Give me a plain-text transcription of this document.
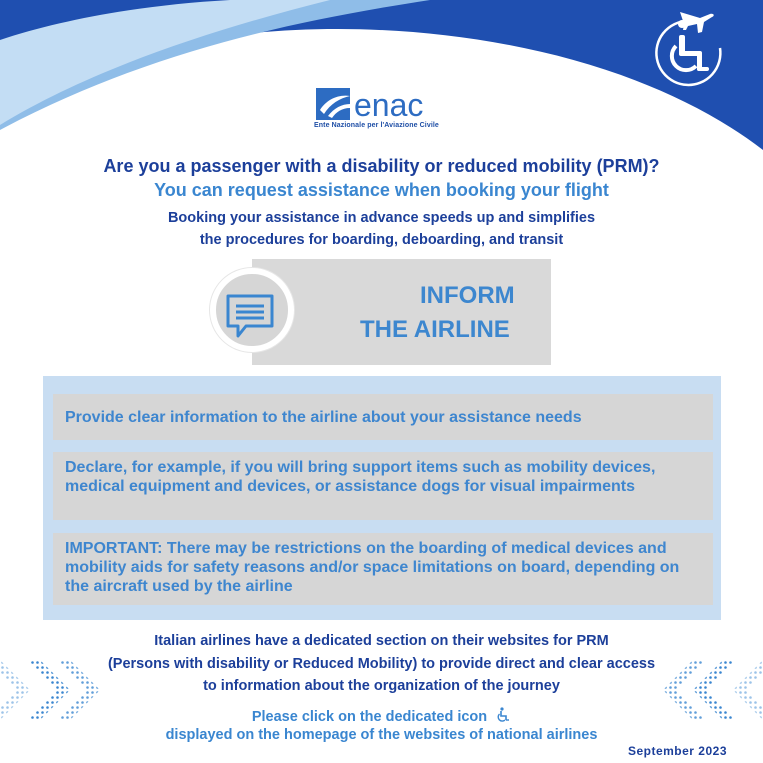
enac
Ente Nazionale per l'Aviazione Civile
Are you a passenger with a disability or reduced mobility (PRM)?
You can request assistance when booking your flight
Booking your assistance in advance speeds up and simplifies
the procedures for boarding, deboarding, and transit
INFORM
THE AIRLINE
Provide clear information to the airline about your assistance needs
Declare, for example, if you will bring support items such as mobility devices, medical equipment and devices, or assistance dogs for visual impairments
IMPORTANT: There may be restrictions on the boarding of medical devices and mobility aids for safety reasons and/or space limitations on board, depending on the aircraft used by the airline
Italian airlines have a dedicated section on their websites for PRM
(Persons with disability or Reduced Mobility) to provide direct and clear access
to information about the organization of the journey
Please click on the dedicated icon
displayed on the homepage of the websites of national airlines
September 2023
